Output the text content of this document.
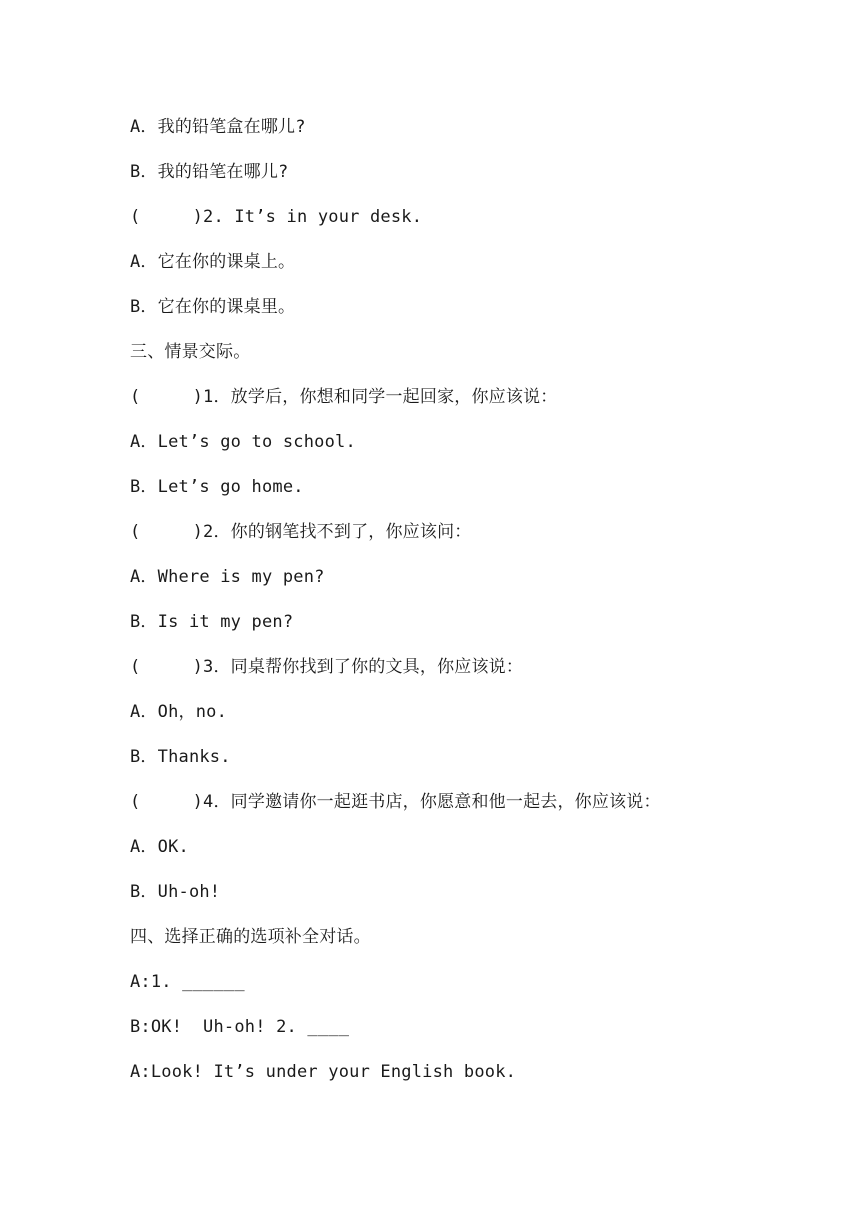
A．我的铅笔盒在哪儿?
B．我的铅笔在哪儿?
(     )2. It’s in your desk.
A．它在你的课桌上。
B．它在你的课桌里。
三、情景交际。
(     )1．放学后，你想和同学一起回家，你应该说：
A．Let’s go to school.
B．Let’s go home.
(     )2．你的钢笔找不到了，你应该问：
A．Where is my pen?
B．Is it my pen?
(     )3．同桌帮你找到了你的文具，你应该说：
A．Oh，no.
B．Thanks.
(     )4．同学邀请你一起逛书店，你愿意和他一起去，你应该说：
A．OK.
B．Uh-oh!
四、选择正确的选项补全对话。
A:1. ______
B:OK!  Uh-oh! 2. ____
A:Look! It’s under your English book.
